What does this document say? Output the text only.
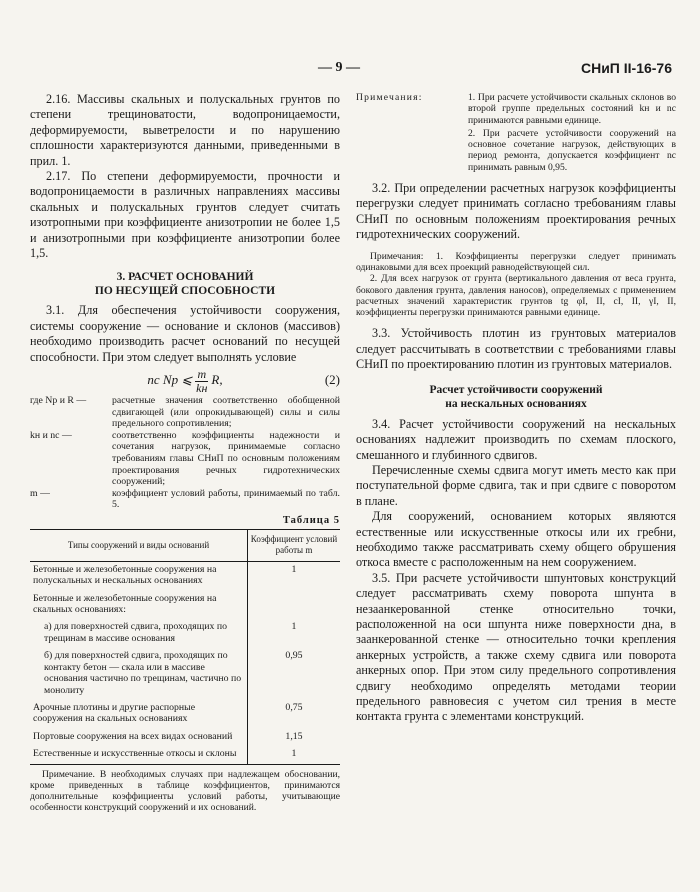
— 9 —	СНиП II-16-76

2.16. Массивы скальных и полускальных грунтов по степени трещиноватости, водопроницаемости, деформируемости, выветрелости и по нарушению сплошности характеризуются данными, приведенными в прил. 1.

2.17. По степени деформируемости, прочности и водопроницаемости в различных направлениях массивы скальных и полускальных грунтов следует считать изотропными при коэффициенте анизотропии не более 1,5 и анизотропными при коэффициенте анизотропии более 1,5.

3. РАСЧЕТ ОСНОВАНИЙ
ПО НЕСУЩЕЙ СПОСОБНОСТИ

3.1. Для обеспечения устойчивости сооружения, системы сооружение — основание и склонов (массивов) необходимо производить расчет оснований по несущей способности. При этом следует выполнять условие

nc Np ⩽ $\frac{m}{kн} R$,	(2)
где Np и R —	расчетные значения соответственно обобщенной сдвигающей (или опрокидывающей) силы и силы предельного сопротивления;
kн и nc —	соответственно коэффициенты надежности и сочетания нагрузок, принимаемые согласно требованиям главы СНиП по основным положениям проектирования речных гидротехнических сооружений;
m —	коэффициент условий работы, принимаемый по табл. 5.
Таблица 5
Типы сооружений и виды оснований	Коэффициент условий работы m
Бетонные и железобетонные сооружения на полускальных и нескальных основаниях	1
Бетонные и железобетонные сооружения на скальных основаниях:	
а) для поверхностей сдвига, проходящих по трещинам в массиве основания	1
б) для поверхностей сдвига, проходящих по контакту бетон — скала или в массиве основания частично по трещинам, частично по монолиту	0,95
Арочные плотины и другие распорные сооружения на скальных основаниях	0,75
Портовые сооружения на всех видах оснований	1,15
Естественные и искусственные откосы и склоны	1

Примечание. В необходимых случаях при надлежащем обосновании, кроме приведенных в таблице коэффициентов, принимаются дополнительные коэффициенты условий работы, учитывающие особенности конструкций сооружений и их оснований.

Примечания:	1. При расчете устойчивости скальных склонов во второй группе предельных состояний kн и nc принимаются равными единице.
2. При расчете устойчивости сооружений на основное сочетание нагрузок, действующих в период ремонта, допускается коэффициент nc принимать равным 0,95.

3.2. При определении расчетных нагрузок коэффициенты перегрузки следует принимать согласно требованиям главы СНиП по основным положениям проектирования речных гидротехнических сооружений.

Примечания: 1. Коэффициенты перегрузки следует принимать одинаковыми для всех проекций равнодействующей сил.

2. Для всех нагрузок от грунта (вертикального давления от веса грунта, бокового давления грунта, давления наносов), определяемых с применением расчетных значений характеристик грунтов tg φI, II, cI, II, γI, II, коэффициенты перегрузки принимаются равными единице.

3.3. Устойчивость плотин из грунтовых материалов следует рассчитывать в соответствии с требованиями главы СНиП по проектированию плотин из грунтовых материалов.

Расчет устойчивости сооружений
на нескальных основаниях

3.4. Расчет устойчивости сооружений на нескальных основаниях надлежит производить по схемам плоского, смешанного и глубинного сдвигов.

Перечисленные схемы сдвига могут иметь место как при поступательной форме сдвига, так и при сдвиге с поворотом в плане.

Для сооружений, основанием которых являются естественные или искусственные откосы или их гребни, необходимо также рассматривать схему общего обрушения откоса вместе с расположенным на нем сооружением.

3.5. При расчете устойчивости шпунтовых конструкций следует рассматривать схему поворота шпунта в незаанкерованной стенке относительно точки, расположенной на оси шпунта ниже поверхности дна, в заанкерованной стенке — относительно точки крепления анкерных устройств, а также схему сдвига или поворота анкерных опор. При этом силу предельного сопротивления сдвигу необходимо определять методами теории предельного равновесия с учетом сил трения в месте контакта грунта с элементами конструкций.
